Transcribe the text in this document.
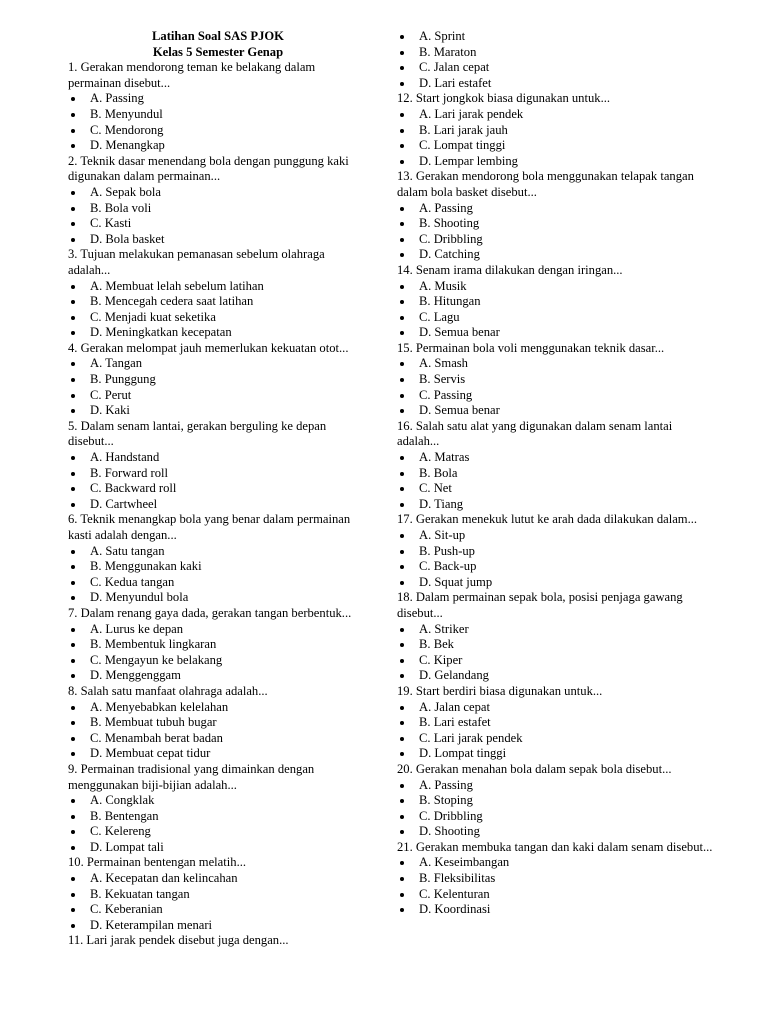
Latihan Soal SAS PJOK
Kelas 5 Semester Genap
1. Gerakan mendorong teman ke belakang dalam permainan disebut...
A. Passing
B. Menyundul
C. Mendorong
D. Menangkap
2. Teknik dasar menendang bola dengan punggung kaki digunakan dalam permainan...
A. Sepak bola
B. Bola voli
C. Kasti
D. Bola basket
3. Tujuan melakukan pemanasan sebelum olahraga adalah...
A. Membuat lelah sebelum latihan
B. Mencegah cedera saat latihan
C. Menjadi kuat seketika
D. Meningkatkan kecepatan
4. Gerakan melompat jauh memerlukan kekuatan otot...
A. Tangan
B. Punggung
C. Perut
D. Kaki
5. Dalam senam lantai, gerakan berguling ke depan disebut...
A. Handstand
B. Forward roll
C. Backward roll
D. Cartwheel
6. Teknik menangkap bola yang benar dalam permainan kasti adalah dengan...
A. Satu tangan
B. Menggunakan kaki
C. Kedua tangan
D. Menyundul bola
7. Dalam renang gaya dada, gerakan tangan berbentuk...
A. Lurus ke depan
B. Membentuk lingkaran
C. Mengayun ke belakang
D. Menggenggam
8. Salah satu manfaat olahraga adalah...
A. Menyebabkan kelelahan
B. Membuat tubuh bugar
C. Menambah berat badan
D. Membuat cepat tidur
9. Permainan tradisional yang dimainkan dengan menggunakan biji-bijian adalah...
A. Congklak
B. Bentengan
C. Kelereng
D. Lompat tali
10. Permainan bentengan melatih...
A. Kecepatan dan kelincahan
B. Kekuatan tangan
C. Keberanian
D. Keterampilan menari
11. Lari jarak pendek disebut juga dengan...
A. Sprint
B. Maraton
C. Jalan cepat
D. Lari estafet
12. Start jongkok biasa digunakan untuk...
A. Lari jarak pendek
B. Lari jarak jauh
C. Lompat tinggi
D. Lempar lembing
13. Gerakan mendorong bola menggunakan telapak tangan dalam bola basket disebut...
A. Passing
B. Shooting
C. Dribbling
D. Catching
14. Senam irama dilakukan dengan iringan...
A. Musik
B. Hitungan
C. Lagu
D. Semua benar
15. Permainan bola voli menggunakan teknik dasar...
A. Smash
B. Servis
C. Passing
D. Semua benar
16. Salah satu alat yang digunakan dalam senam lantai adalah...
A. Matras
B. Bola
C. Net
D. Tiang
17. Gerakan menekuk lutut ke arah dada dilakukan dalam...
A. Sit-up
B. Push-up
C. Back-up
D. Squat jump
18. Dalam permainan sepak bola, posisi penjaga gawang disebut...
A. Striker
B. Bek
C. Kiper
D. Gelandang
19. Start berdiri biasa digunakan untuk...
A. Jalan cepat
B. Lari estafet
C. Lari jarak pendek
D. Lompat tinggi
20. Gerakan menahan bola dalam sepak bola disebut...
A. Passing
B. Stoping
C. Dribbling
D. Shooting
21. Gerakan membuka tangan dan kaki dalam senam disebut...
A. Keseimbangan
B. Fleksibilitas
C. Kelenturan
D. Koordinasi
